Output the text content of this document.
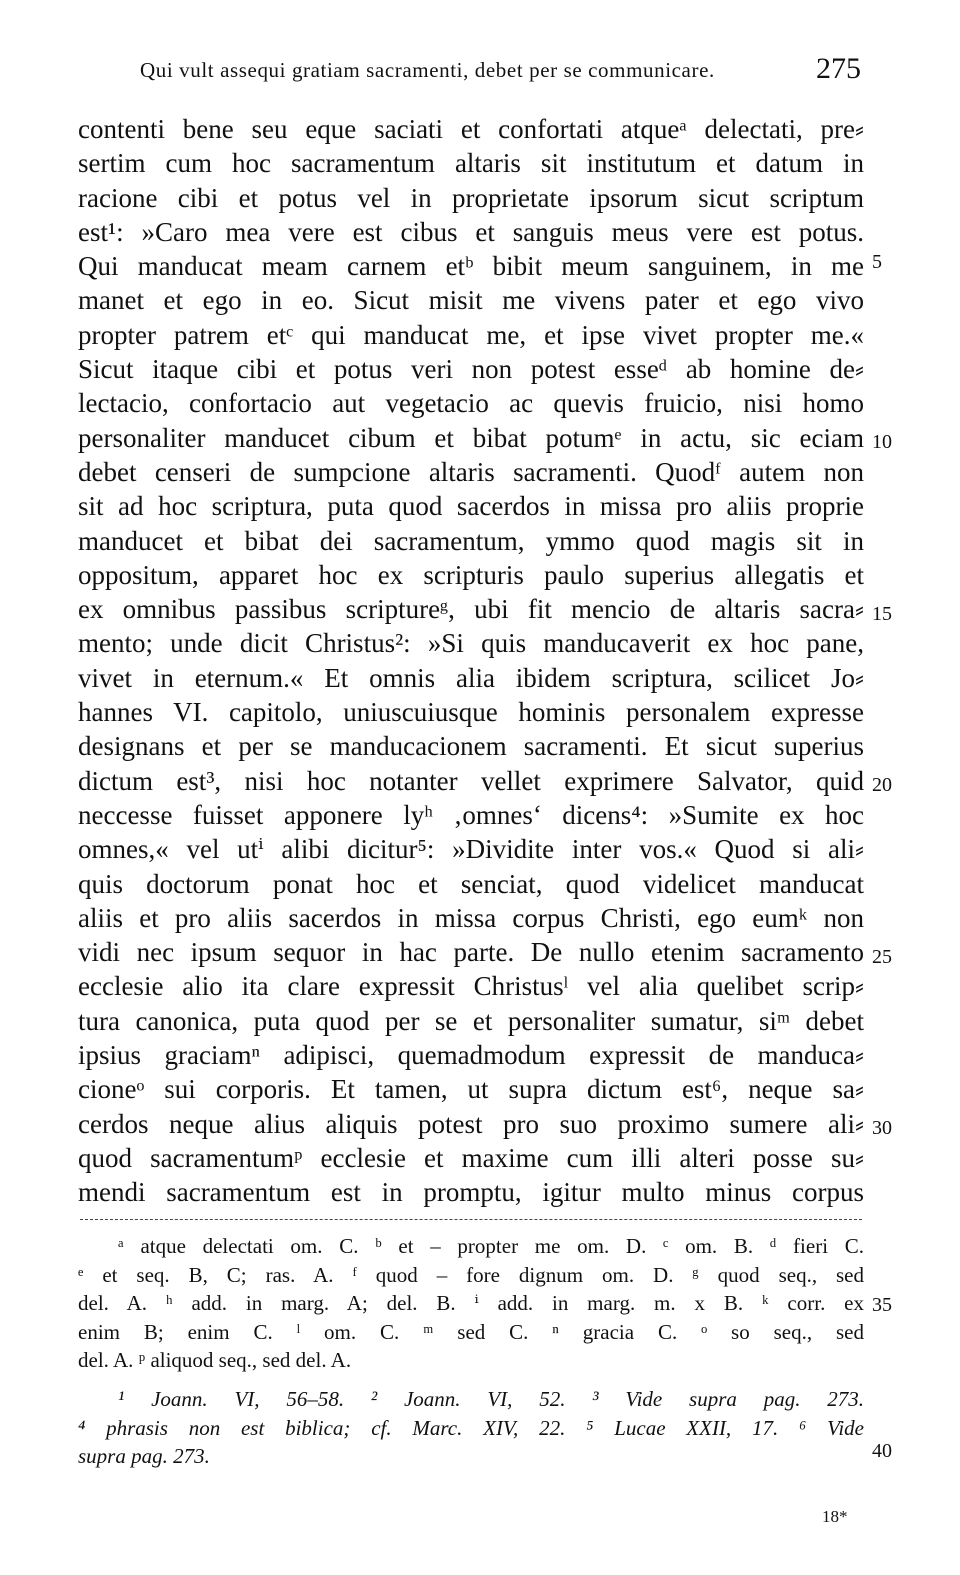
Qui vult assequi gratiam sacramenti, debet per se communicare.	275
contenti bene seu eque saciati et confortati atqueᵃ delectati, pre⸗
sertim cum hoc sacramentum altaris sit institutum et datum in
racione cibi et potus vel in proprietate ipsorum sicut scriptum
est¹: »Caro mea vere est cibus et sanguis meus vere est potus.
Qui manducat meam carnem etᵇ bibit meum sanguinem, in me
manet et ego in eo. Sicut misit me vivens pater et ego vivo
propter patrem etᶜ qui manducat me, et ipse vivet propter me.«
Sicut itaque cibi et potus veri non potest esseᵈ ab homine de⸗
lectacio, confortacio aut vegetacio ac quevis fruicio, nisi homo
personaliter manducet cibum et bibat potumᵉ in actu, sic eciam
debet censeri de sumpcione altaris sacramenti. Quodᶠ autem non
sit ad hoc scriptura, puta quod sacerdos in missa pro aliis proprie
manducet et bibat dei sacramentum, ymmo quod magis sit in
oppositum, apparet hoc ex scripturis paulo superius allegatis et
ex omnibus passibus scriptureᵍ, ubi fit mencio de altaris sacra⸗
mento; unde dicit Christus²: »Si quis manducaverit ex hoc pane,
vivet in eternum.« Et omnis alia ibidem scriptura, scilicet Jo⸗
hannes VI. capitolo, uniuscuiusque hominis personalem expresse
designans et per se manducacionem sacramenti. Et sicut superius
dictum est³, nisi hoc notanter vellet exprimere Salvator, quid
neccesse fuisset apponere lyʰ ‚omnes‘ dicens⁴: »Sumite ex hoc
omnes,« vel utⁱ alibi dicitur⁵: »Dividite inter vos.« Quod si ali⸗
quis doctorum ponat hoc et senciat, quod videlicet manducat
aliis et pro aliis sacerdos in missa corpus Christi, ego eumᵏ non
vidi nec ipsum sequor in hac parte. De nullo etenim sacramento
ecclesie alio ita clare expressit Christusˡ vel alia quelibet scrip⸗
tura canonica, puta quod per se et personaliter sumatur, siᵐ debet
ipsius graciamⁿ adipisci, quemadmodum expressit de manduca⸗
cioneᵒ sui corporis. Et tamen, ut supra dictum est⁶, neque sa⸗
cerdos neque alius aliquis potest pro suo proximo sumere ali⸗
quod sacramentumᵖ ecclesie et maxime cum illi alteri posse su⸗
mendi sacramentum est in promptu, igitur multo minus corpus
5
10
15
20
25
30
ᵃ atque delectati om. C. ᵇ et – propter me om. D. ᶜ om. B. ᵈ fieri C.
ᵉ et seq. B, C; ras. A. ᶠ quod – fore dignum om. D. ᵍ quod seq., sed
del. A. ʰ add. in marg. A; del. B. ⁱ add. in marg. m. x B. ᵏ corr. ex
enim B; enim C. ˡ om. C. ᵐ sed C. ⁿ gracia C. ᵒ so seq., sed
del. A. ᵖ aliquod seq., sed del. A.
¹ Joann. VI, 56–58. ² Joann. VI, 52. ³ Vide supra pag. 273.
⁴ phrasis non est biblica; cf. Marc. XIV, 22. ⁵ Lucae XXII, 17. ⁶ Vide
supra pag. 273.
35
40
18*
